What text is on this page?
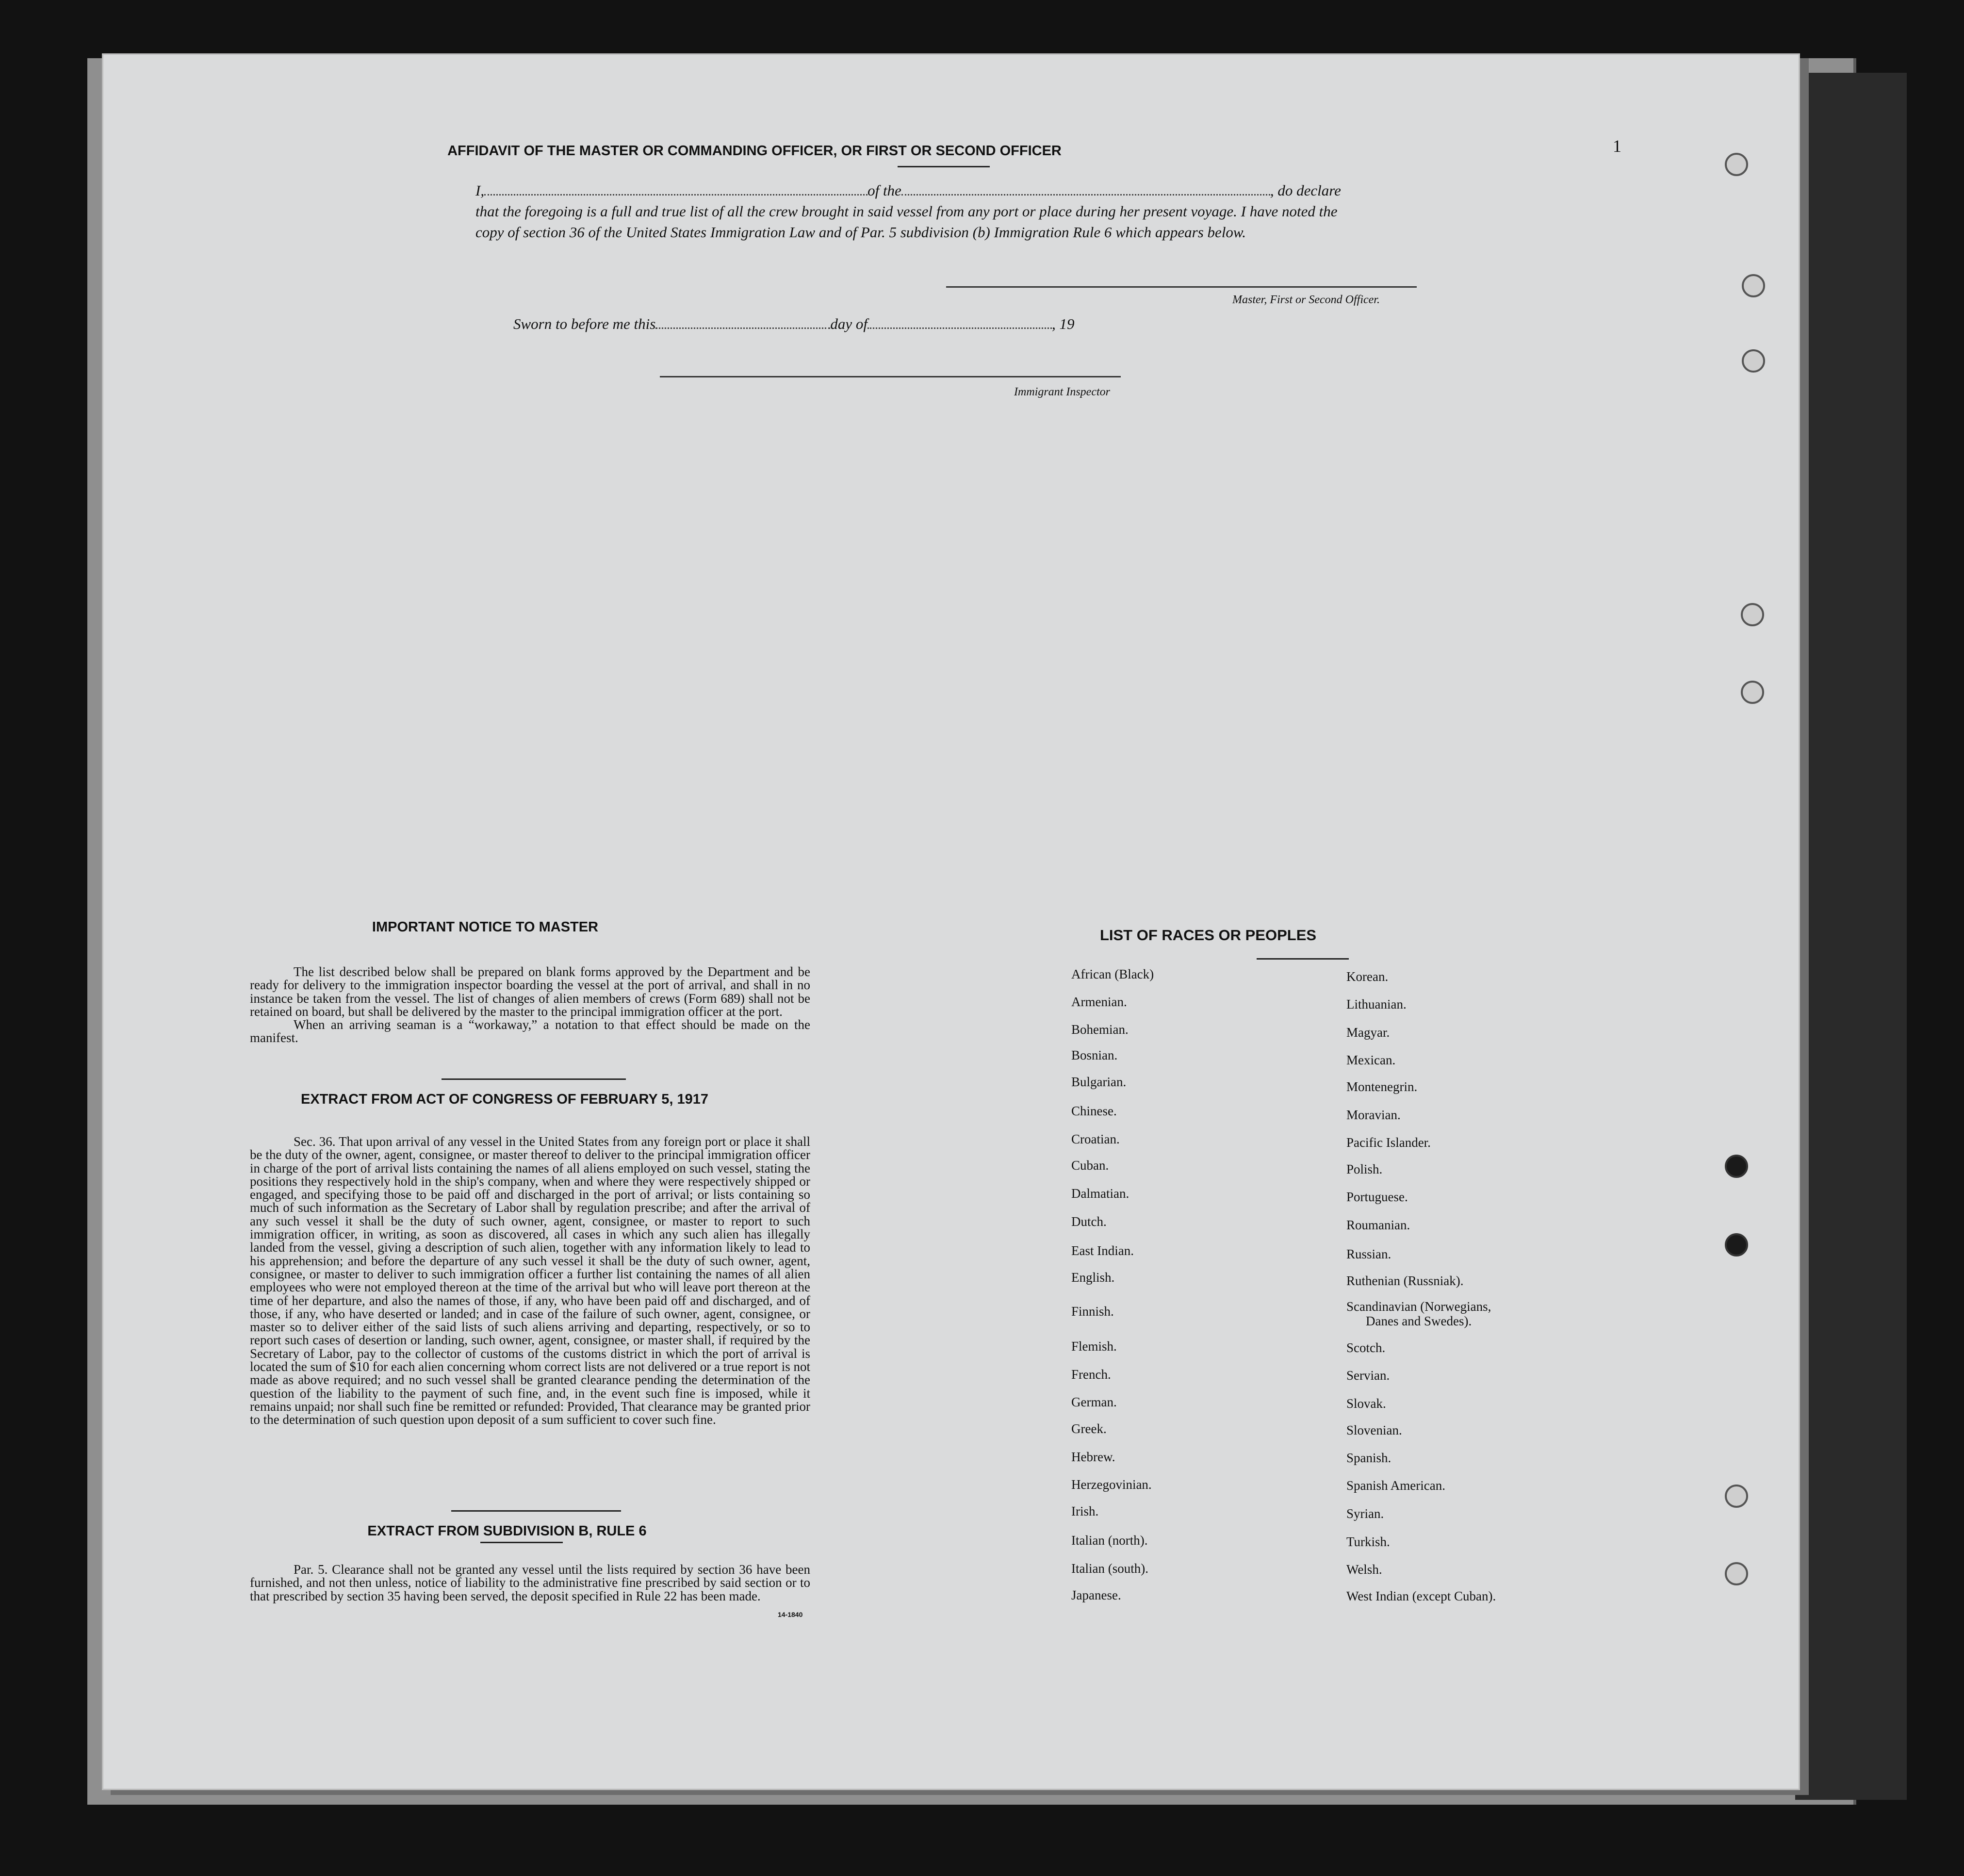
AFFIDAVIT OF THE MASTER OR COMMANDING OFFICER, OR FIRST OR SECOND OFFICER	1
I,	of the	, do declare
that the foregoing is a full and true list of all the crew brought in said vessel from any port or place during her present voyage. I have noted the
copy of section 36 of the United States Immigration Law and of Par. 5 subdivision (b) Immigration Rule 6 which appears below.
Master, First or Second Officer.
Sworn to before me this	day of	, 19
Immigrant Inspector
IMPORTANT NOTICE TO MASTER

The list described below shall be prepared on blank forms approved by the Department and be ready for delivery to the immigration inspector boarding the vessel at the port of arrival, and shall in no instance be taken from the vessel. The list of changes of alien members of crews (Form 689) shall not be retained on board, but shall be delivered by the master to the principal immigration officer at the port.

When an arriving seaman is a “workaway,” a notation to that effect should be made on the manifest.

EXTRACT FROM ACT OF CONGRESS OF FEBRUARY 5, 1917

Sec. 36. That upon arrival of any vessel in the United States from any foreign port or place it shall be the duty of the owner, agent, consignee, or master thereof to deliver to the principal immigration officer in charge of the port of arrival lists containing the names of all aliens employed on such vessel, stating the positions they respectively hold in the ship's company, when and where they were respectively shipped or engaged, and specifying those to be paid off and discharged in the port of arrival; or lists containing so much of such information as the Secretary of Labor shall by regulation prescribe; and after the arrival of any such vessel it shall be the duty of such owner, agent, consignee, or master to report to such immigration officer, in writing, as soon as discovered, all cases in which any such alien has illegally landed from the vessel, giving a description of such alien, together with any information likely to lead to his apprehension; and before the departure of any such vessel it shall be the duty of such owner, agent, consignee, or master to deliver to such immigration officer a further list containing the names of all alien employees who were not employed thereon at the time of the arrival but who will leave port thereon at the time of her departure, and also the names of those, if any, who have been paid off and discharged, and of those, if any, who have deserted or landed; and in case of the failure of such owner, agent, consignee, or master so to deliver either of the said lists of such aliens arriving and departing, respectively, or so to report such cases of desertion or landing, such owner, agent, consignee, or master shall, if required by the Secretary of Labor, pay to the collector of customs of the customs district in which the port of arrival is located the sum of $10 for each alien concerning whom correct lists are not delivered or a true report is not made as above required; and no such vessel shall be granted clearance pending the determination of the question of the liability to the payment of such fine, and, in the event such fine is imposed, while it remains unpaid; nor shall such fine be remitted or refunded: Provided, That clearance may be granted prior to the determination of such question upon deposit of a sum sufficient to cover such fine.

EXTRACT FROM SUBDIVISION B, RULE 6

Par. 5. Clearance shall not be granted any vessel until the lists required by section 36 have been furnished, and not then unless, notice of liability to the administrative fine prescribed by said section or to that prescribed by section 35 having been served, the deposit specified in Rule 22 has been made.

14-1840
LIST OF RACES OR PEOPLES
African (Black)
Armenian.
Bohemian.
Bosnian.
Bulgarian.
Chinese.
Croatian.
Cuban.
Dalmatian.
Dutch.
East Indian.
English.
Finnish.
Flemish.
French.
German.
Greek.
Hebrew.
Herzegovinian.
Irish.
Italian (north).
Italian (south).
Japanese.
Korean.
Lithuanian.
Magyar.
Mexican.
Montenegrin.
Moravian.
Pacific Islander.
Polish.
Portuguese.
Roumanian.
Russian.
Ruthenian (Russniak).
Scandinavian (Norwegians,
Danes and Swedes).
Scotch.
Servian.
Slovak.
Slovenian.
Spanish.
Spanish American.
Syrian.
Turkish.
Welsh.
West Indian (except Cuban).
